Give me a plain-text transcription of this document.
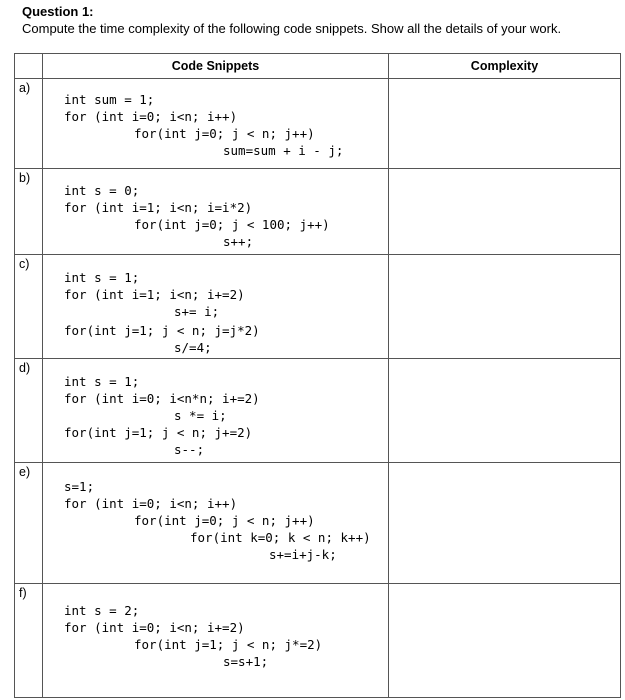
Question 1:
Compute the time complexity of the following code snippets. Show all the details of your work.
	Code Snippets	Complexity
a)	int sum = 1;
for (int i=0; i<n; i++)
for(int j=0; j < n; j++)
sum=sum + i - j;	

b)	int s = 0;
for (int i=1; i<n; i=i*2)
for(int j=0; j < 100; j++)
s++;	

c)	int s = 1;
for (int i=1; i<n; i+=2)
s+= i;
for(int j=1; j < n; j=j*2)
s/=4;	

d)	int s = 1;
for (int i=0; i<n*n; i+=2)
s *= i;
for(int j=1; j < n; j+=2)
s--;	

e)	s=1;
for (int i=0; i<n; i++)
for(int j=0; j < n; j++)
for(int k=0; k < n; k++)
s+=i+j-k;	

f)	int s = 2;
for (int i=0; i<n; i+=2)
for(int j=1; j < n; j*=2)
s=s+1;	
